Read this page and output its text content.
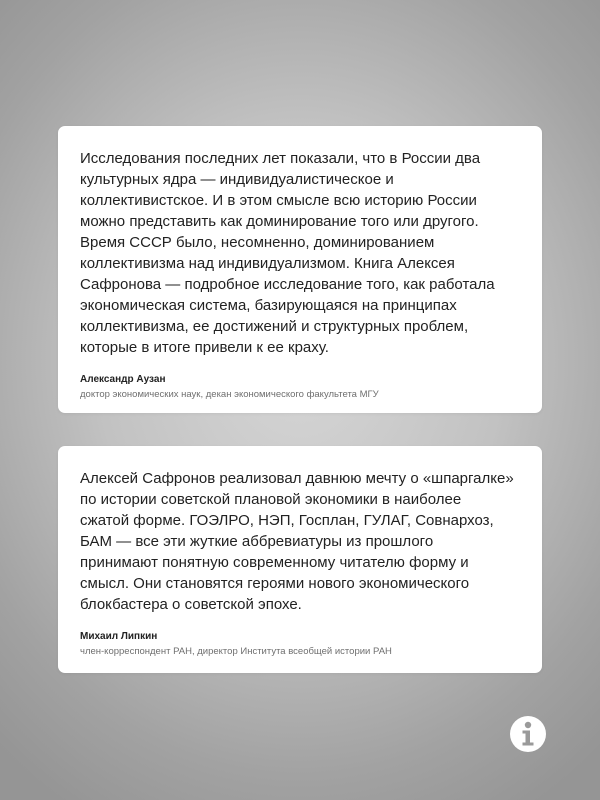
Исследования последних лет показали, что в России два
культурных ядра — индивидуалистическое и
коллективистское. И в этом смысле всю историю России
можно представить как доминирование того или другого.
Время СССР было, несомненно, доминированием
коллективизма над индивидуализмом. Книга Алексея
Сафронова — подробное исследование того, как работала
экономическая система, базирующаяся на принципах
коллективизма, ее достижений и структурных проблем,
которые в итоге привели к ее краху.

Александр Аузан
доктор экономических наук, декан экономического факультета МГУ

Алексей Сафронов реализовал давнюю мечту о «шпаргалке»
по истории советской плановой экономики в наиболее
сжатой форме. ГОЭЛРО, НЭП, Госплан, ГУЛАГ, Совнархоз,
БАМ — все эти жуткие аббревиатуры из прошлого
принимают понятную современному читателю форму и
смысл. Они становятся героями нового экономического
блокбастера о советской эпохе.

Михаил Липкин
член-корреспондент РАН, директор Института всеобщей истории РАН
